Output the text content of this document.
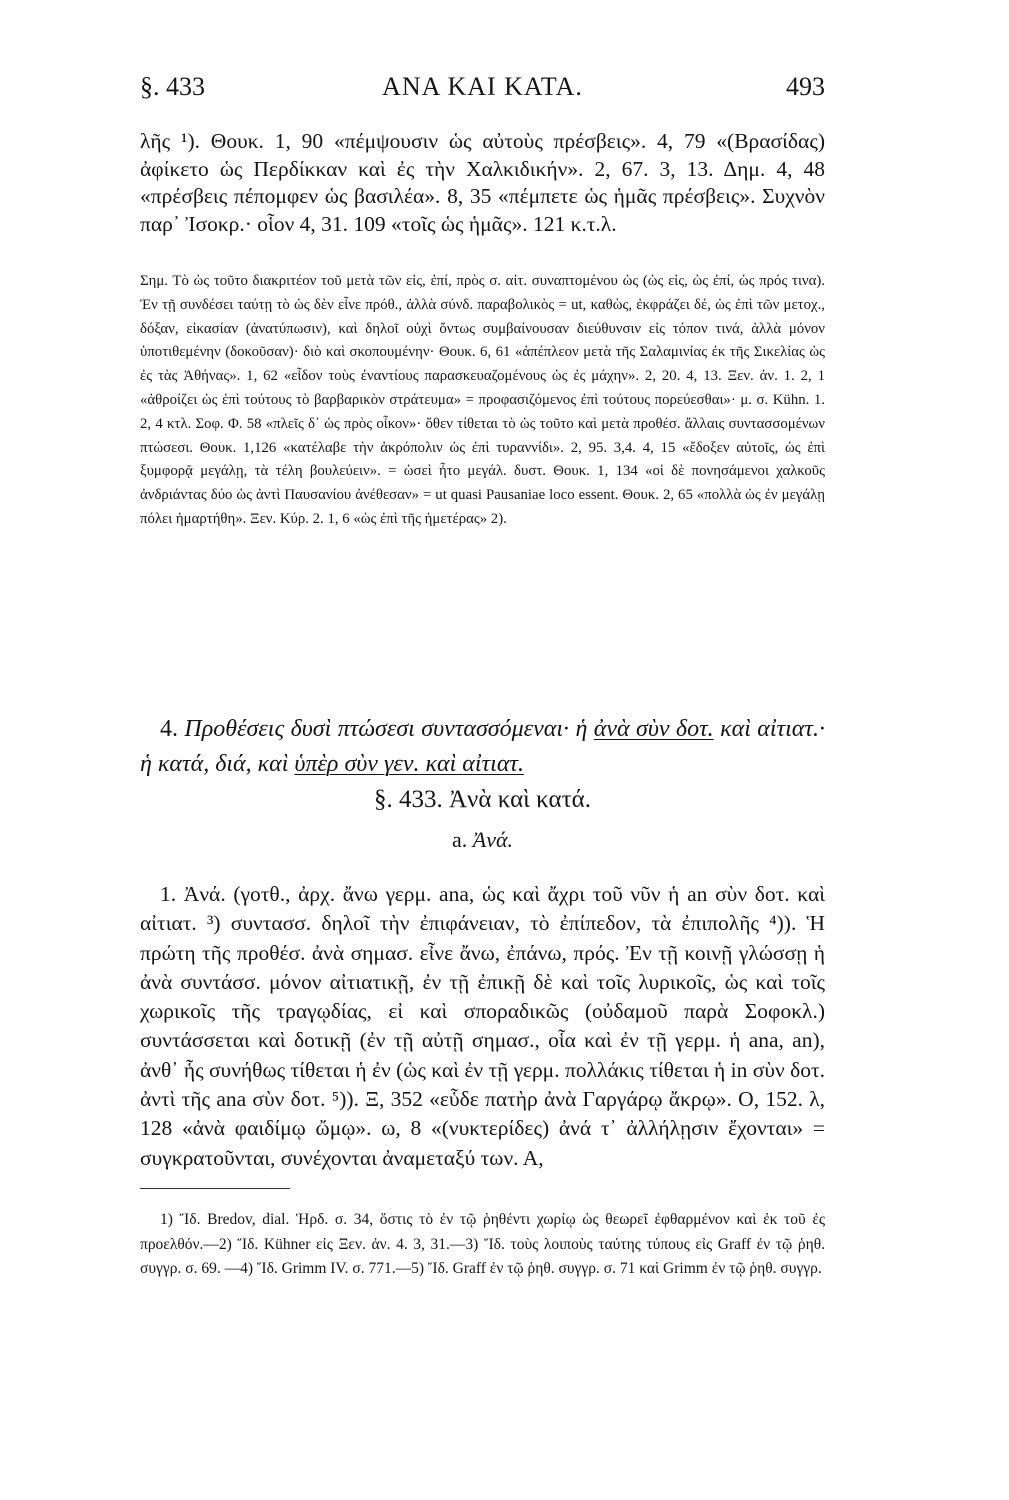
§. 433	ΑΝΑ ΚΑΙ ΚΑΤΑ.	493
λῆς ¹). Θουκ. 1, 90 «πέμψουσιν ὡς αὐτοὺς πρέσβεις». 4, 79 «(Βρασίδας) ἀφίκετο ὡς Περδίκκαν καὶ ἐς τὴν Χαλκιδικήν». 2, 67. 3, 13. Δημ. 4, 48 «πρέσβεις πέπομφεν ὡς βασιλέα». 8, 35 «πέμπετε ὡς ἡμᾶς πρέσβεις». Συχνὸν παρ᾽ Ἰσοκρ.· οἷον 4, 31. 109 «τοῖς ὡς ἡμᾶς». 121 κ.τ.λ.
Σημ. Τὸ ὡς τοῦτο διακριτέον τοῦ μετὰ τῶν εἰς, ἐπί, πρὸς σ. αἰτ. συναπτομένου ὡς (ὡς εἰς, ὡς ἐπί, ὡς πρός τινα). Ἐν τῇ συνδέσει ταύτῃ τὸ ὡς δὲν εἶνε πρόθ., ἀλλὰ σύνδ. παραβολικὸς = ut, καθὼς, ἐκφράζει δέ, ὡς ἐπὶ τῶν μετοχ., δόξαν, εἰκασίαν (ἀνατύπωσιν), καὶ δηλοῖ οὐχὶ ὄντως συμβαίνουσαν διεύθυνσιν εἰς τόπον τινά, ἀλλὰ μόνον ὑποτιθεμένην (δοκοῦσαν)· διὸ καὶ σκοπουμένην· Θουκ. 6, 61 «ἀπέπλεον μετὰ τῆς Σαλαμινίας ἐκ τῆς Σικελίας ὡς ἐς τὰς Ἀθήνας». 1, 62 «εἶδον τοὺς ἐναντίους παρασκευαζομένους ὡς ἐς μάχην». 2, 20. 4, 13. Ξεν. ἀν. 1. 2, 1 «ἀθροίζει ὡς ἐπὶ τούτους τὸ βαρβαρικὸν στράτευμα» = προφασιζόμενος ἐπὶ τούτους πορεύεσθαι»· μ. σ. Kühn. 1. 2, 4 κτλ. Σοφ. Φ. 58 «πλεῖς δ᾽ ὡς πρὸς οἶκον»· ὅθεν τίθεται τὸ ὡς τοῦτο καὶ μετὰ προθέσ. ἄλλαις συντασσομένων πτώσεσι. Θουκ. 1,126 «κατέλαβε τὴν ἀκρόπολιν ὡς ἐπὶ τυραννίδι». 2, 95. 3,4. 4, 15 «ἔδοξεν αὐτοῖς, ὡς ἐπὶ ξυμφορᾷ μεγάλῃ, τὰ τέλη βουλεύειν». = ὡσεὶ ἦτο μεγάλ. δυστ. Θουκ. 1, 134 «οἱ δὲ πονησάμενοι χαλκοῦς ἀνδριάντας δύο ὡς ἀντὶ Παυσανίου ἀνέθεσαν» = ut quasi Pausaniae loco essent. Θουκ. 2, 65 «πολλὰ ὡς ἐν μεγάλῃ πόλει ἡμαρτήθη». Ξεν. Κύρ. 2. 1, 6 «ὡς ἐπὶ τῆς ἡμετέρας» 2).
4. Προθέσεις δυσὶ πτώσεσι συντασσόμεναι· ἡ ἀνὰ σὺν δοτ. καὶ αἰτιατ.· ἡ κατά, διά, καὶ ὑπὲρ σὺν γεν. καὶ αἰτιατ.
§. 433. Ἀνὰ καὶ κατά.
a. Ἀνά.
1. Ἀνά. (γοτθ., ἀρχ. ἄνω γερμ. ana, ὡς καὶ ἄχρι τοῦ νῦν ἡ an σὺν δοτ. καὶ αἰτιατ. ³) συντασσ. δηλοῖ τὴν ἐπιφάνειαν, τὸ ἐπίπεδον, τὰ ἐπιπολῆς ⁴)). Ἡ πρώτη τῆς προθέσ. ἀνὰ σημασ. εἶνε ἄνω, ἐπάνω, πρός. Ἐν τῇ κοινῇ γλώσσῃ ἡ ἀνὰ συντάσσ. μόνον αἰτιατικῇ, ἐν τῇ ἐπικῇ δὲ καὶ τοῖς λυρικοῖς, ὡς καὶ τοῖς χωρικοῖς τῆς τραγῳδίας, εἰ καὶ σποραδικῶς (οὐδαμοῦ παρὰ Σοφοκλ.) συντάσσεται καὶ δοτικῇ (ἐν τῇ αὐτῇ σημασ., οἷα καὶ ἐν τῇ γερμ. ἡ ana, an), ἀνθ᾽ ἧς συνήθως τίθεται ἡ ἐν (ὡς καὶ ἐν τῇ γερμ. πολλάκις τίθεται ἡ in σὺν δοτ. ἀντὶ τῆς ana σὺν δοτ. ⁵)). Ξ, 352 «εὗδε πατὴρ ἀνὰ Γαργάρῳ ἄκρῳ». Ο, 152. λ, 128 «ἀνὰ φαιδίμῳ ὤμῳ». ω, 8 «(νυκτερίδες) ἀνά τ᾽ ἀλλήλῃσιν ἔχονται» = συγκρατοῦνται, συνέχονται ἀναμεταξύ των. Α,
1) Ἴδ. Bredov, dial. Ἡρδ. σ. 34, ὅστις τὸ ἐν τῷ ῥηθέντι χωρίῳ ὡς θεωρεῖ ἐφθαρμένον καὶ ἐκ τοῦ ἐς προελθόν.—2) Ἴδ. Kühner εἰς Ξεν. ἀν. 4. 3, 31.—3) Ἴδ. τοὺς λοιποὺς ταύτης τύπους εἰς Graff ἐν τῷ ῥηθ. συγγρ. σ. 69. —4) Ἴδ. Grimm IV. σ. 771.—5) Ἴδ. Graff ἐν τῷ ῥηθ. συγγρ. σ. 71 καὶ Grimm ἐν τῷ ῥηθ. συγγρ.
